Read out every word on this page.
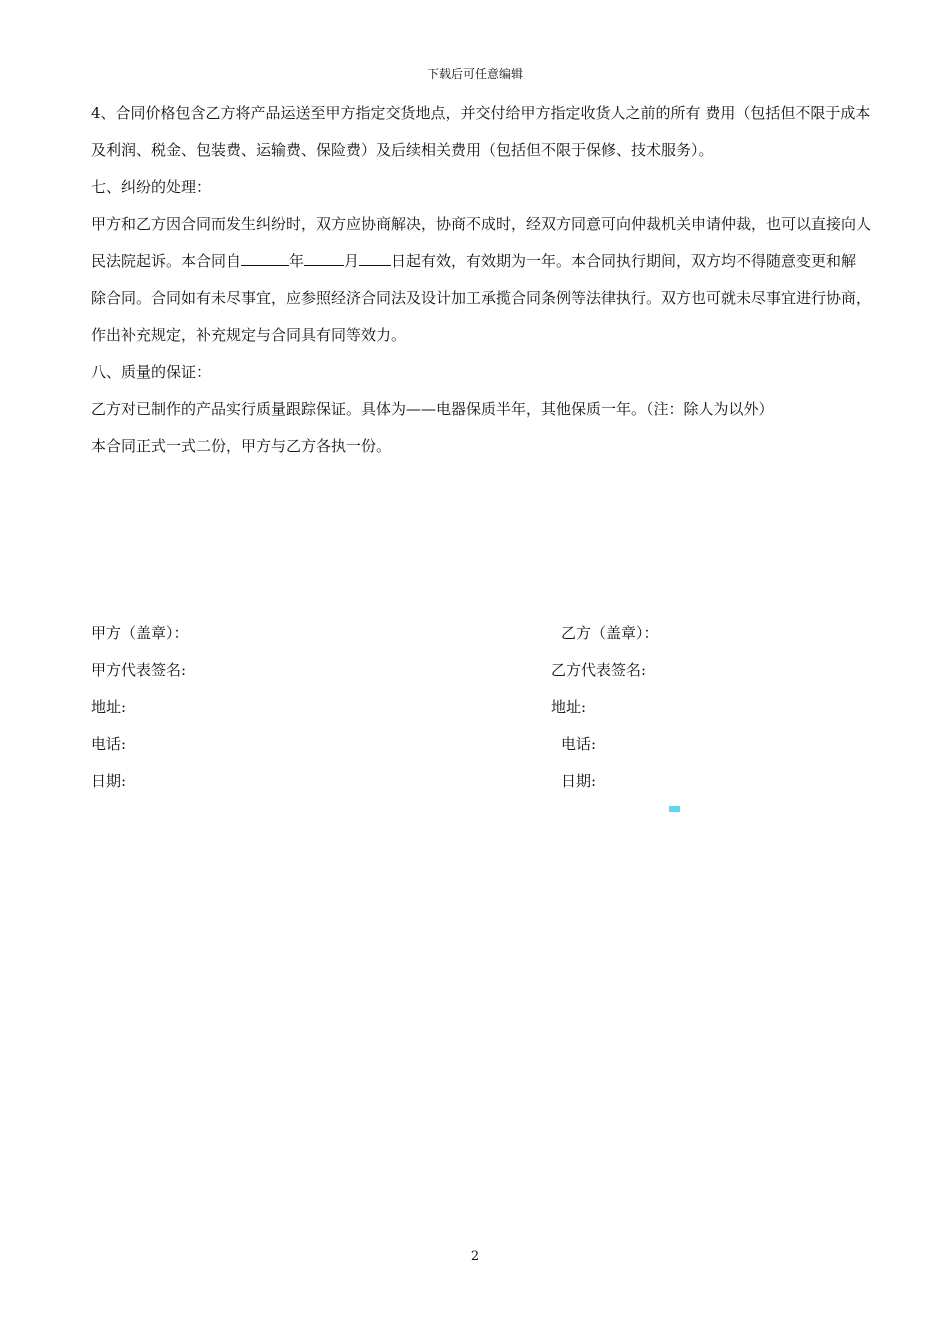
下载后可任意编辑

4、合同价格包含乙方将产品运送至甲方指定交货地点，并交付给甲方指定收货人之前的所有 费用（包括但不限于成本及利润、税金、包装费、运输费、保险费）及后续相关费用（包括但不限于保修、技术服务）。

七、纠纷的处理：

甲方和乙方因合同而发生纠纷时，双方应协商解决，协商不成时，经双方同意可向仲裁机关申请仲裁，也可以直接向人民法院起诉。本合同自	年	月 日起有效，有效期为一年。本合同执行期间，双方均不得随意变更和解除合同。合同如有未尽事宜，应参照经济合同法及设计加工承揽合同条例等法律执行。双方也可就未尽事宜进行协商，作出补充规定，补充规定与合同具有同等效力。

八、质量的保证：

乙方对已制作的产品实行质量跟踪保证。具体为——电器保质半年，其他保质一年。（注：除人为以外）

本合同正式一式二份，甲方与乙方各执一份。

甲方（盖章）：
甲方代表签名:
地址:
电话:
日期:
乙方（盖章）：
乙方代表签名:
地址:
电话:
日期:
2
